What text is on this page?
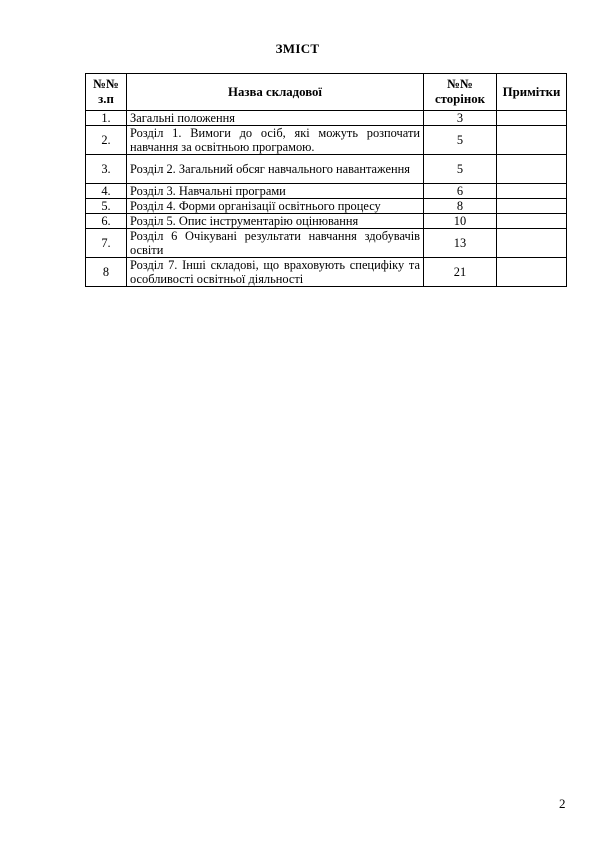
ЗМІСТ
№№ з.п	Назва складової	№№ сторінок	Примітки
1.	Загальні положення	3	
2.	Розділ 1. Вимоги до осіб, які можуть розпочати навчання за освітньою програмою.	5	
3.	Розділ 2. Загальний обсяг навчального навантаження	5	
4.	Розділ 3. Навчальні програми	6	
5.	Розділ 4. Форми організації освітнього процесу	8	
6.	Розділ 5. Опис інструментарію оцінювання	10	
7.	Розділ 6 Очікувані результати навчання здобувачів освіти	13	
8	Розділ 7. Інші складові, що враховують специфіку та особливості освітньої діяльності	21	
2
